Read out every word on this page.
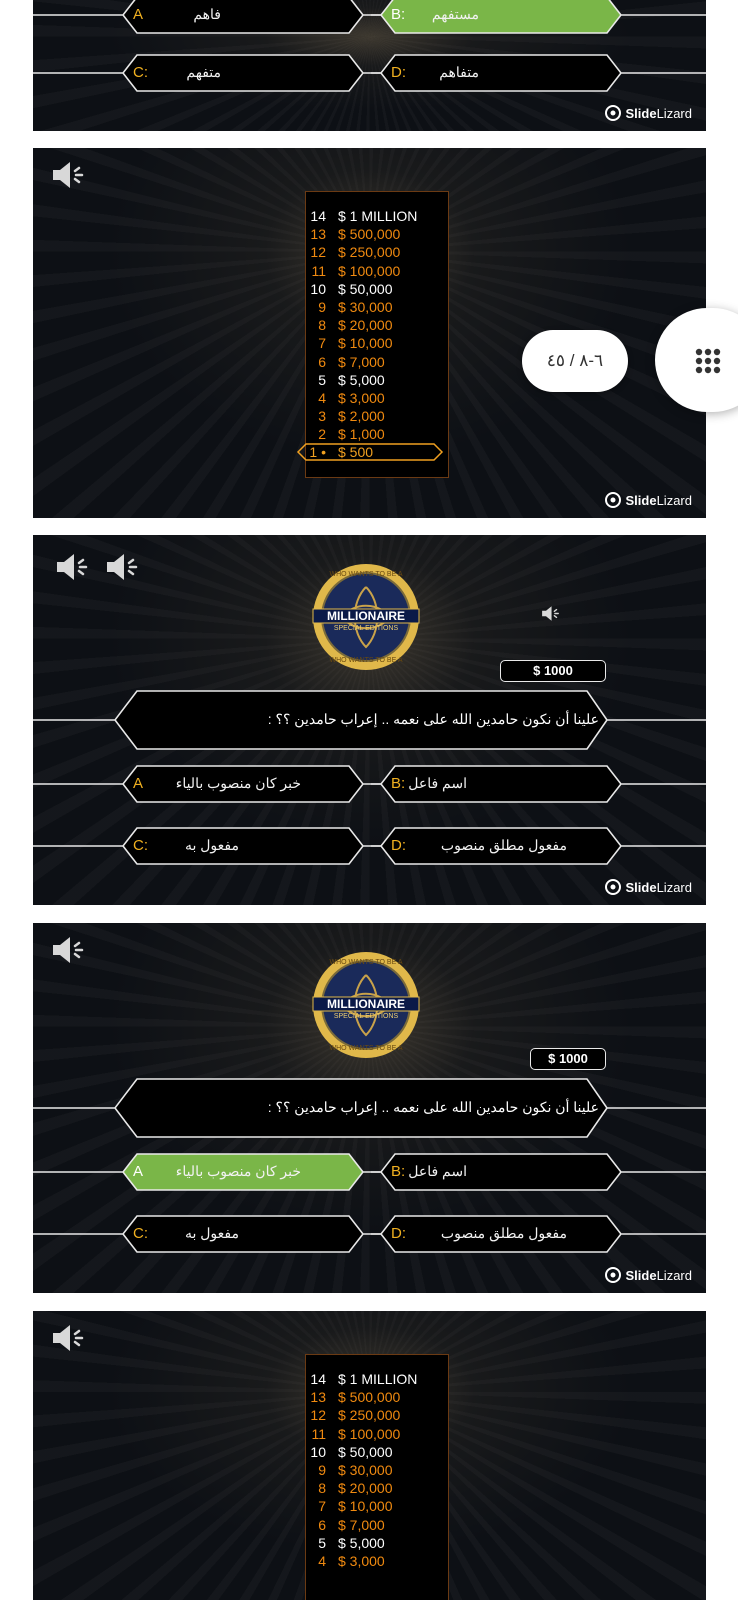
A	فاهم	B: مستفهم
C:	متفهم	D: متفاهم
SlideLizard
14 $ 1 MILLION
13 $ 500,000
12 $ 250,000
11 $ 100,000
10 $ 50,000
9 $ 30,000
8 $ 20,000
7 $ 10,000
6 $ 7,000
5 $ 5,000
4 $ 3,000
3 $ 2,000
2 $ 1,000
1 • $ 500
SlideLizard
MILLIONAIRE
SPECIAL EDITIONS
WHO WANTS TO BE A
WHO WANTS TO BE A
$ 1000
علينا أن نكون حامدين الله على نعمه .. إعراب حامدين ؟؟ :
A خبر كان منصوب بالياء	B: اسم فاعل
C:	مفعول به	D: مفعول مطلق منصوب
SlideLizard
MILLIONAIRE
SPECIAL EDITIONS
WHO WANTS TO BE A
WHO WANTS TO BE A
$ 1000
علينا أن نكون حامدين الله على نعمه .. إعراب حامدين ؟؟ :
A خبر كان منصوب بالياء	B: اسم فاعل
C:	مفعول به	D: مفعول مطلق منصوب
SlideLizard
14 $ 1 MILLION
13 $ 500,000
12 $ 250,000
11 $ 100,000
10 $ 50,000
9 $ 30,000
8 $ 20,000
7 $ 10,000
6 $ 7,000
5 $ 5,000
4 $ 3,000
٦-٨ / ٤٥
